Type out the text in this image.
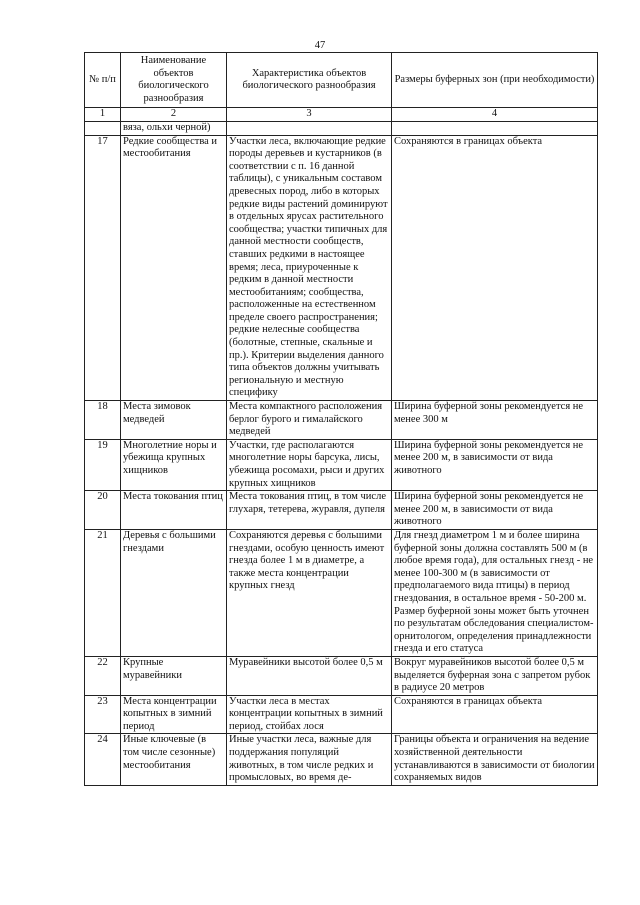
47
№ п/п	Наименование объектов биологического разнообразия	Характеристика объектов биологического разнообразия	Размеры буферных зон (при необходимости)
1	2	3	4
	вяза, ольхи черной)		
17	Редкие сообщества и местообитания	Участки леса, включающие редкие породы деревьев и кустарников (в соответствии с п. 16 данной таблицы), с уникальным составом древесных пород, либо в которых редкие виды растений доминируют в отдельных ярусах растительного сообщества; участки типичных для данной местности сообществ, ставших редкими в настоящее время; леса, приуроченные к редким в данной местности местообитаниям; сообщества, расположенные на естественном пределе своего распространения; редкие нелесные сообщества (болотные, степные, скальные и пр.). Критерии выделения данного типа объектов должны учитывать региональную и местную специфику	Сохраняются в границах объекта
18	Места зимовок медведей	Места компактного расположения берлог бурого и гималайского медведей	Ширина буферной зоны рекомендуется не менее 300 м
19	Многолетние норы и убежища крупных хищников	Участки, где располагаются многолетние норы барсука, лисы, убежища росомахи, рыси и других крупных хищников	Ширина буферной зоны рекомендуется не менее 200 м, в зависимости от вида животного
20	Места токования птиц	Места токования птиц, в том числе глухаря, тетерева, журавля, дупеля	Ширина буферной зоны рекомендуется не менее 200 м, в зависимости от вида животного
21	Деревья с большими гнездами	Сохраняются деревья с большими гнездами, особую ценность имеют гнезда более 1 м в диаметре, а также места концентрации крупных гнезд	Для гнезд диаметром 1 м и более ширина буферной зоны должна составлять 500 м (в любое время года), для остальных гнезд - не менее 100-300 м (в зависимости от предполагаемого вида птицы) в период гнездования, в остальное время - 50-200 м. Размер буферной зоны может быть уточнен по результатам обследования специалистом- орнитологом, определения принадлежности гнезда и его статуса
22	Крупные муравейники	Муравейники высотой более 0,5 м	Вокруг муравейников высотой более 0,5 м выделяется буферная зона с запретом рубок в радиусе 20 метров
23	Места концентрации копытных в зимний период	Участки леса в местах концентрации копытных в зимний период, стойбах лося	Сохраняются в границах объекта
24	Иные ключевые (в том числе сезонные) местообитания	Иные участки леса, важные для поддержания популяций животных, в том числе редких и промысловых, во время де-	Границы объекта и ограничения на ведение хозяйственной деятельности устанавливаются в зависимости от биологии сохраняемых видов
